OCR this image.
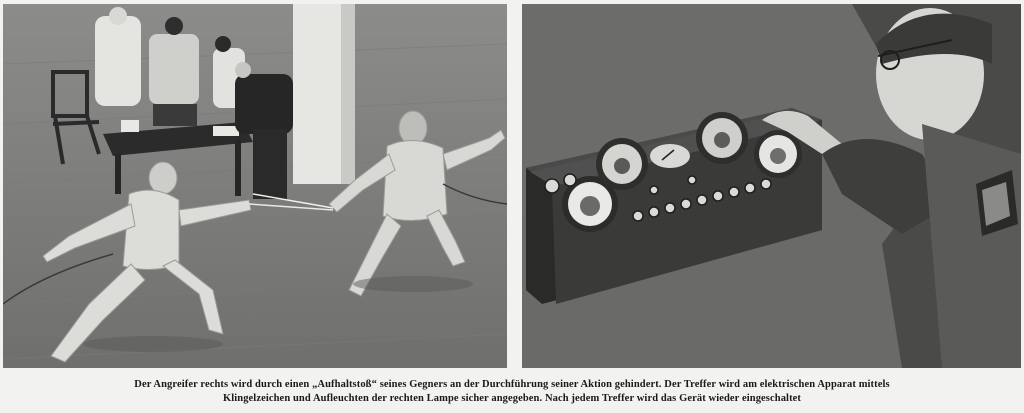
Der Angreifer rechts wird durch einen „Aufhaltstoß“ seines Gegners an der Durchführung seiner Aktion gehindert. Der Treffer wird am elektrischen Apparat mittels
Klingelzeichen und Aufleuchten der rechten Lampe sicher angegeben. Nach jedem Treffer wird das Gerät wieder eingeschaltet
